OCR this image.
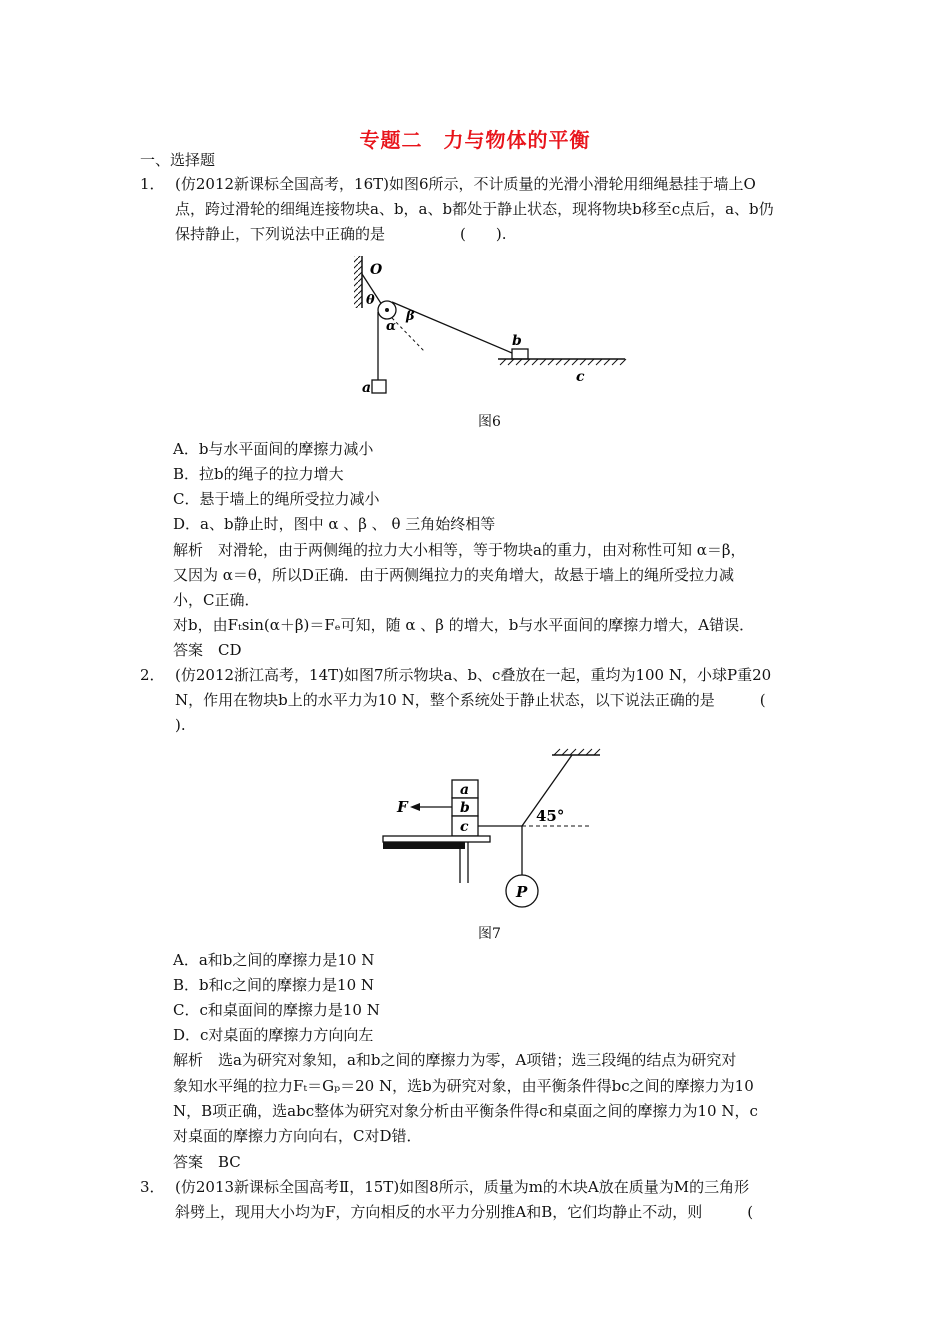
专题二　力与物体的平衡
一、选择题
1． (仿2012新课标全国高考，16T)如图6所示，不计质量的光滑小滑轮用细绳悬挂于墙上O
点，跨过滑轮的细绳连接物块a、b，a、b都处于静止状态，现将物块b移至c点后，a、b仍
保持静止，下列说法中正确的是　　　　　(　　).
O
θ
α
β
b
a
c
图6
A．b与水平面间的摩擦力减小
B．拉b的绳子的拉力增大
C．悬于墙上的绳所受拉力减小
D．a、b静止时，图中 α 、β 、 θ 三角始终相等
解析　对滑轮，由于两侧绳的拉力大小相等，等于物块a的重力，由对称性可知 α＝β，
又因为 α＝θ，所以D正确．由于两侧绳拉力的夹角增大，故悬于墙上的绳所受拉力减
小，C正确．
对b，由Fₜsin(α＋β)＝Fₑ可知，随 α 、β 的增大，b与水平面间的摩擦力增大，A错误．
答案　CD
2． (仿2012浙江高考，14T)如图7所示物块a、b、c叠放在一起，重均为100 N，小球P重20
N，作用在物块b上的水平力为10 N，整个系统处于静止状态，以下说法正确的是　　　(
).
a
b
c
F	45°
P
图7
A．a和b之间的摩擦力是10 N
B．b和c之间的摩擦力是10 N
C．c和桌面间的摩擦力是10 N
D．c对桌面的摩擦力方向向左
解析　选a为研究对象知，a和b之间的摩擦力为零，A项错；选三段绳的结点为研究对
象知水平绳的拉力Fₜ＝Gₚ＝20 N，选b为研究对象，由平衡条件得bc之间的摩擦力为10
N，B项正确，选abc整体为研究对象分析由平衡条件得c和桌面之间的摩擦力为10 N，c
对桌面的摩擦力方向向右，C对D错．
答案　BC
3． (仿2013新课标全国高考Ⅱ，15T)如图8所示，质量为m的木块A放在质量为M的三角形
斜劈上，现用大小均为F，方向相反的水平力分别推A和B，它们均静止不动，则　　　(
